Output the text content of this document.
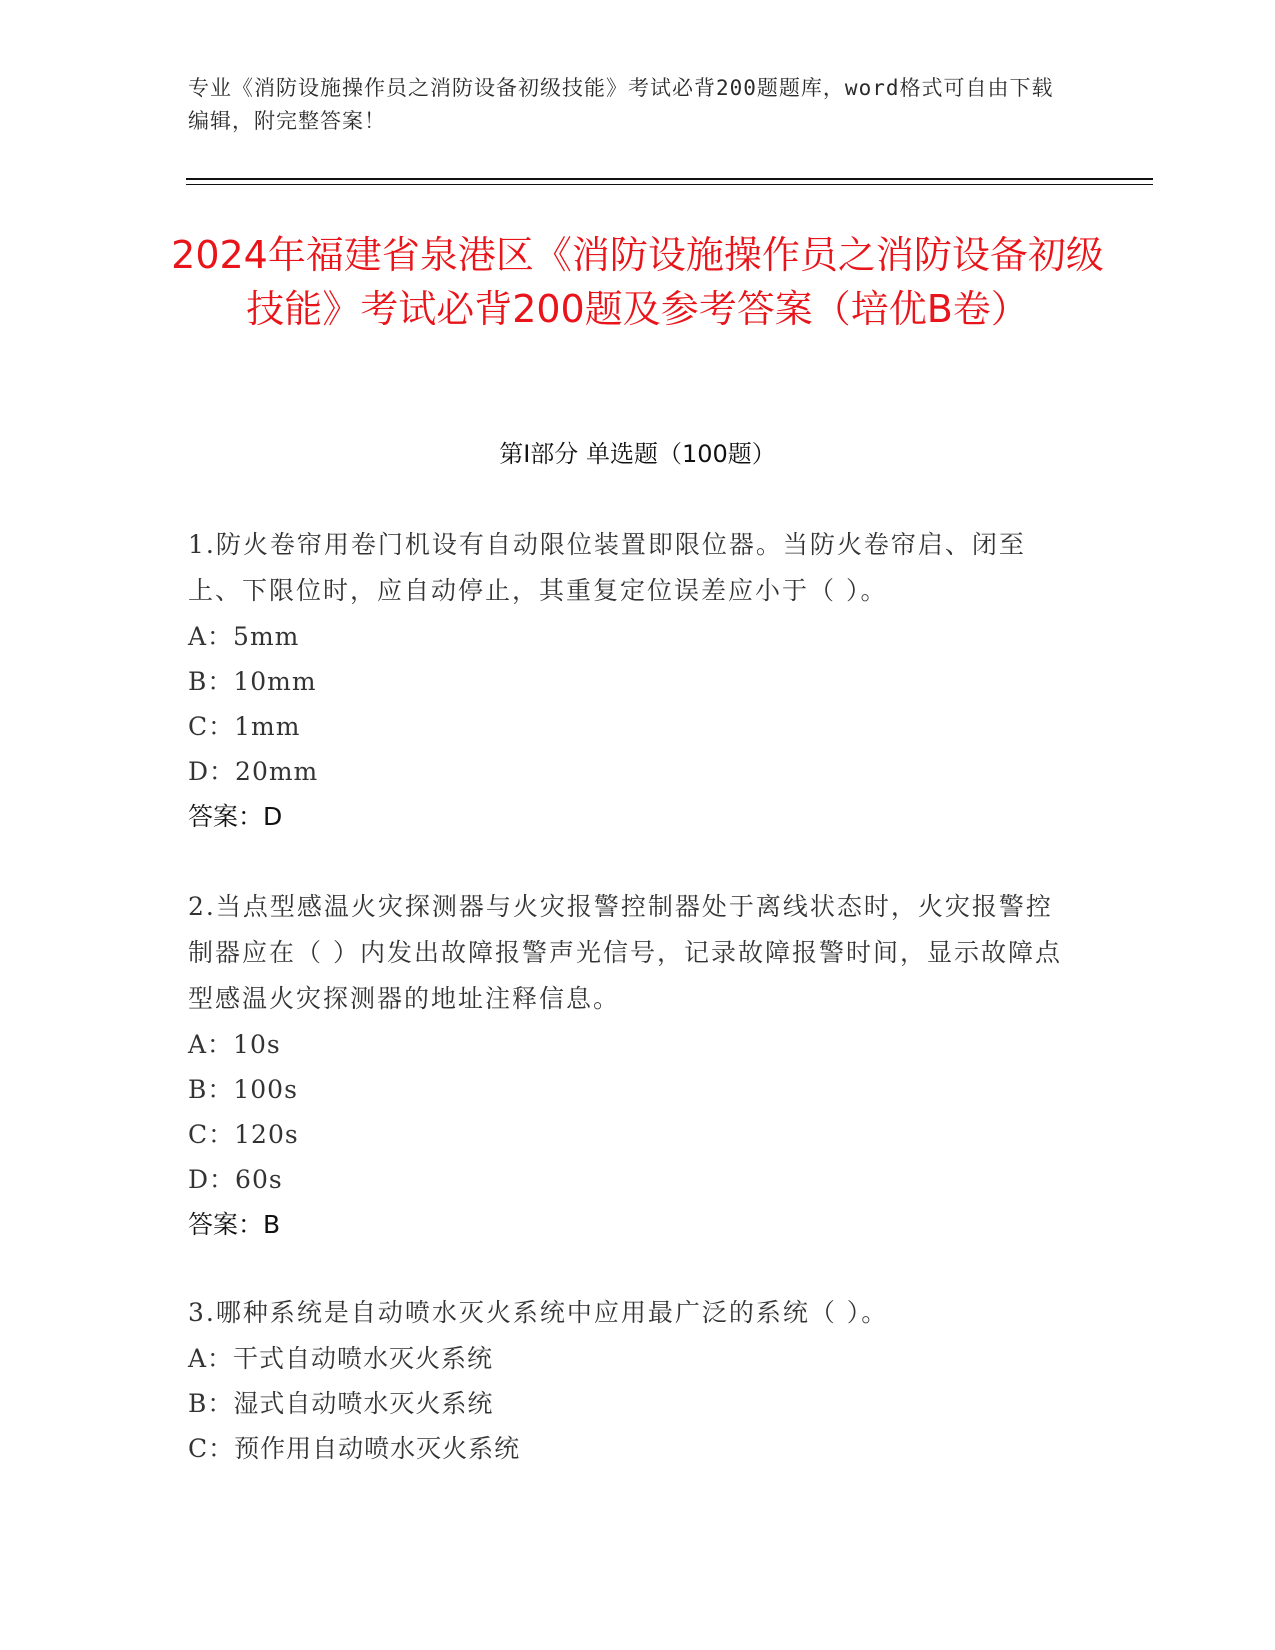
专业《消防设施操作员之消防设备初级技能》考试必背200题题库，word格式可自由下载编辑，附完整答案！
2024年福建省泉港区《消防设施操作员之消防设备初级技能》考试必背200题及参考答案（培优B卷）
第I部分 单选题（100题）
1.防火卷帘用卷门机设有自动限位装置即限位器。当防火卷帘启、闭至上、下限位时，应自动停止，其重复定位误差应小于（ ）。
A：5mm
B：10mm
C：1mm
D：20mm
答案：D
2.当点型感温火灾探测器与火灾报警控制器处于离线状态时，火灾报警控制器应在（ ）内发出故障报警声光信号，记录故障报警时间，显示故障点型感温火灾探测器的地址注释信息。
A：10s
B：100s
C：120s
D：60s
答案：B
3.哪种系统是自动喷水灭火系统中应用最广泛的系统（ ）。
A：干式自动喷水灭火系统
B：湿式自动喷水灭火系统
C：预作用自动喷水灭火系统
